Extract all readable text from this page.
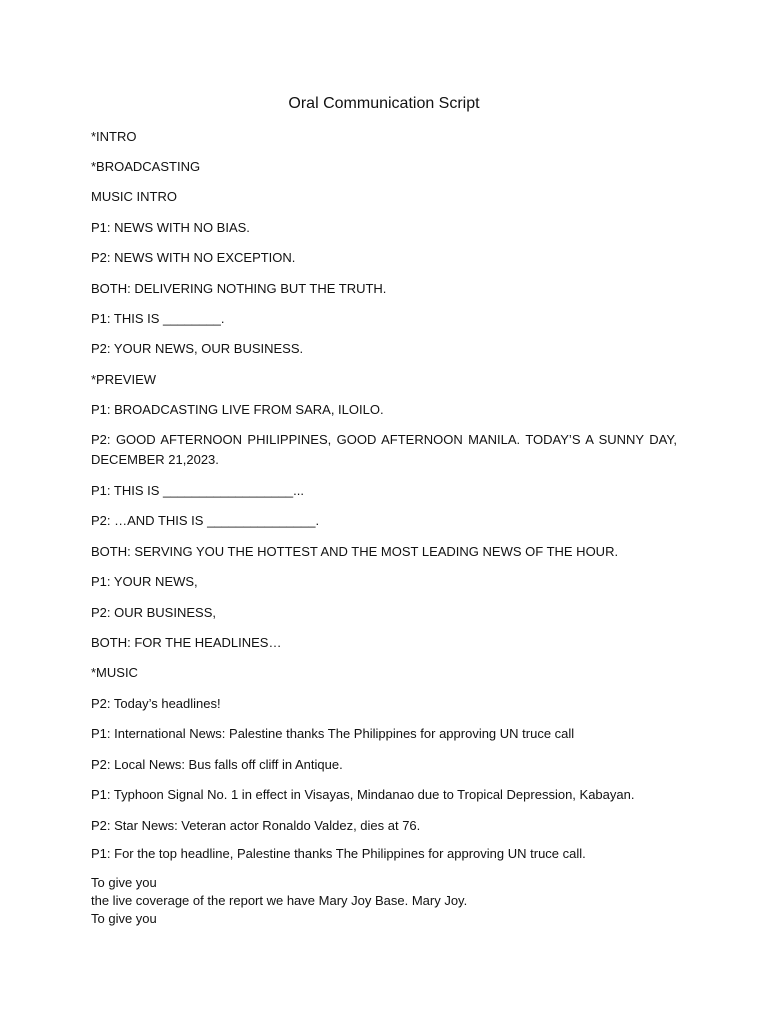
Oral Communication Script
*INTRO
*BROADCASTING
MUSIC INTRO
P1: NEWS WITH NO BIAS.
P2: NEWS WITH NO EXCEPTION.
BOTH: DELIVERING NOTHING BUT THE TRUTH.
P1: THIS IS ________.
P2: YOUR NEWS, OUR BUSINESS.
*PREVIEW
P1: BROADCASTING LIVE FROM SARA, ILOILO.
P2: GOOD AFTERNOON PHILIPPINES, GOOD AFTERNOON MANILA. TODAY’S A SUNNY DAY, DECEMBER 21,2023.
P1: THIS IS __________________...
P2: …AND THIS IS _______________.
BOTH: SERVING YOU THE HOTTEST AND THE MOST LEADING NEWS OF THE HOUR.
P1: YOUR NEWS,
P2: OUR BUSINESS,
BOTH: FOR THE HEADLINES…
*MUSIC
P2: Today’s headlines!
P1: International News: Palestine thanks The Philippines for approving UN truce call
P2: Local News: Bus falls off cliff in Antique.
P1: Typhoon Signal No. 1 in effect in Visayas, Mindanao due to Tropical Depression, Kabayan.
P2: Star News: Veteran actor Ronaldo Valdez, dies at 76.
P1: For the top headline, Palestine thanks The Philippines for approving UN truce call.
To give you
the live coverage of the report we have Mary Joy Base. Mary Joy.
To give you
